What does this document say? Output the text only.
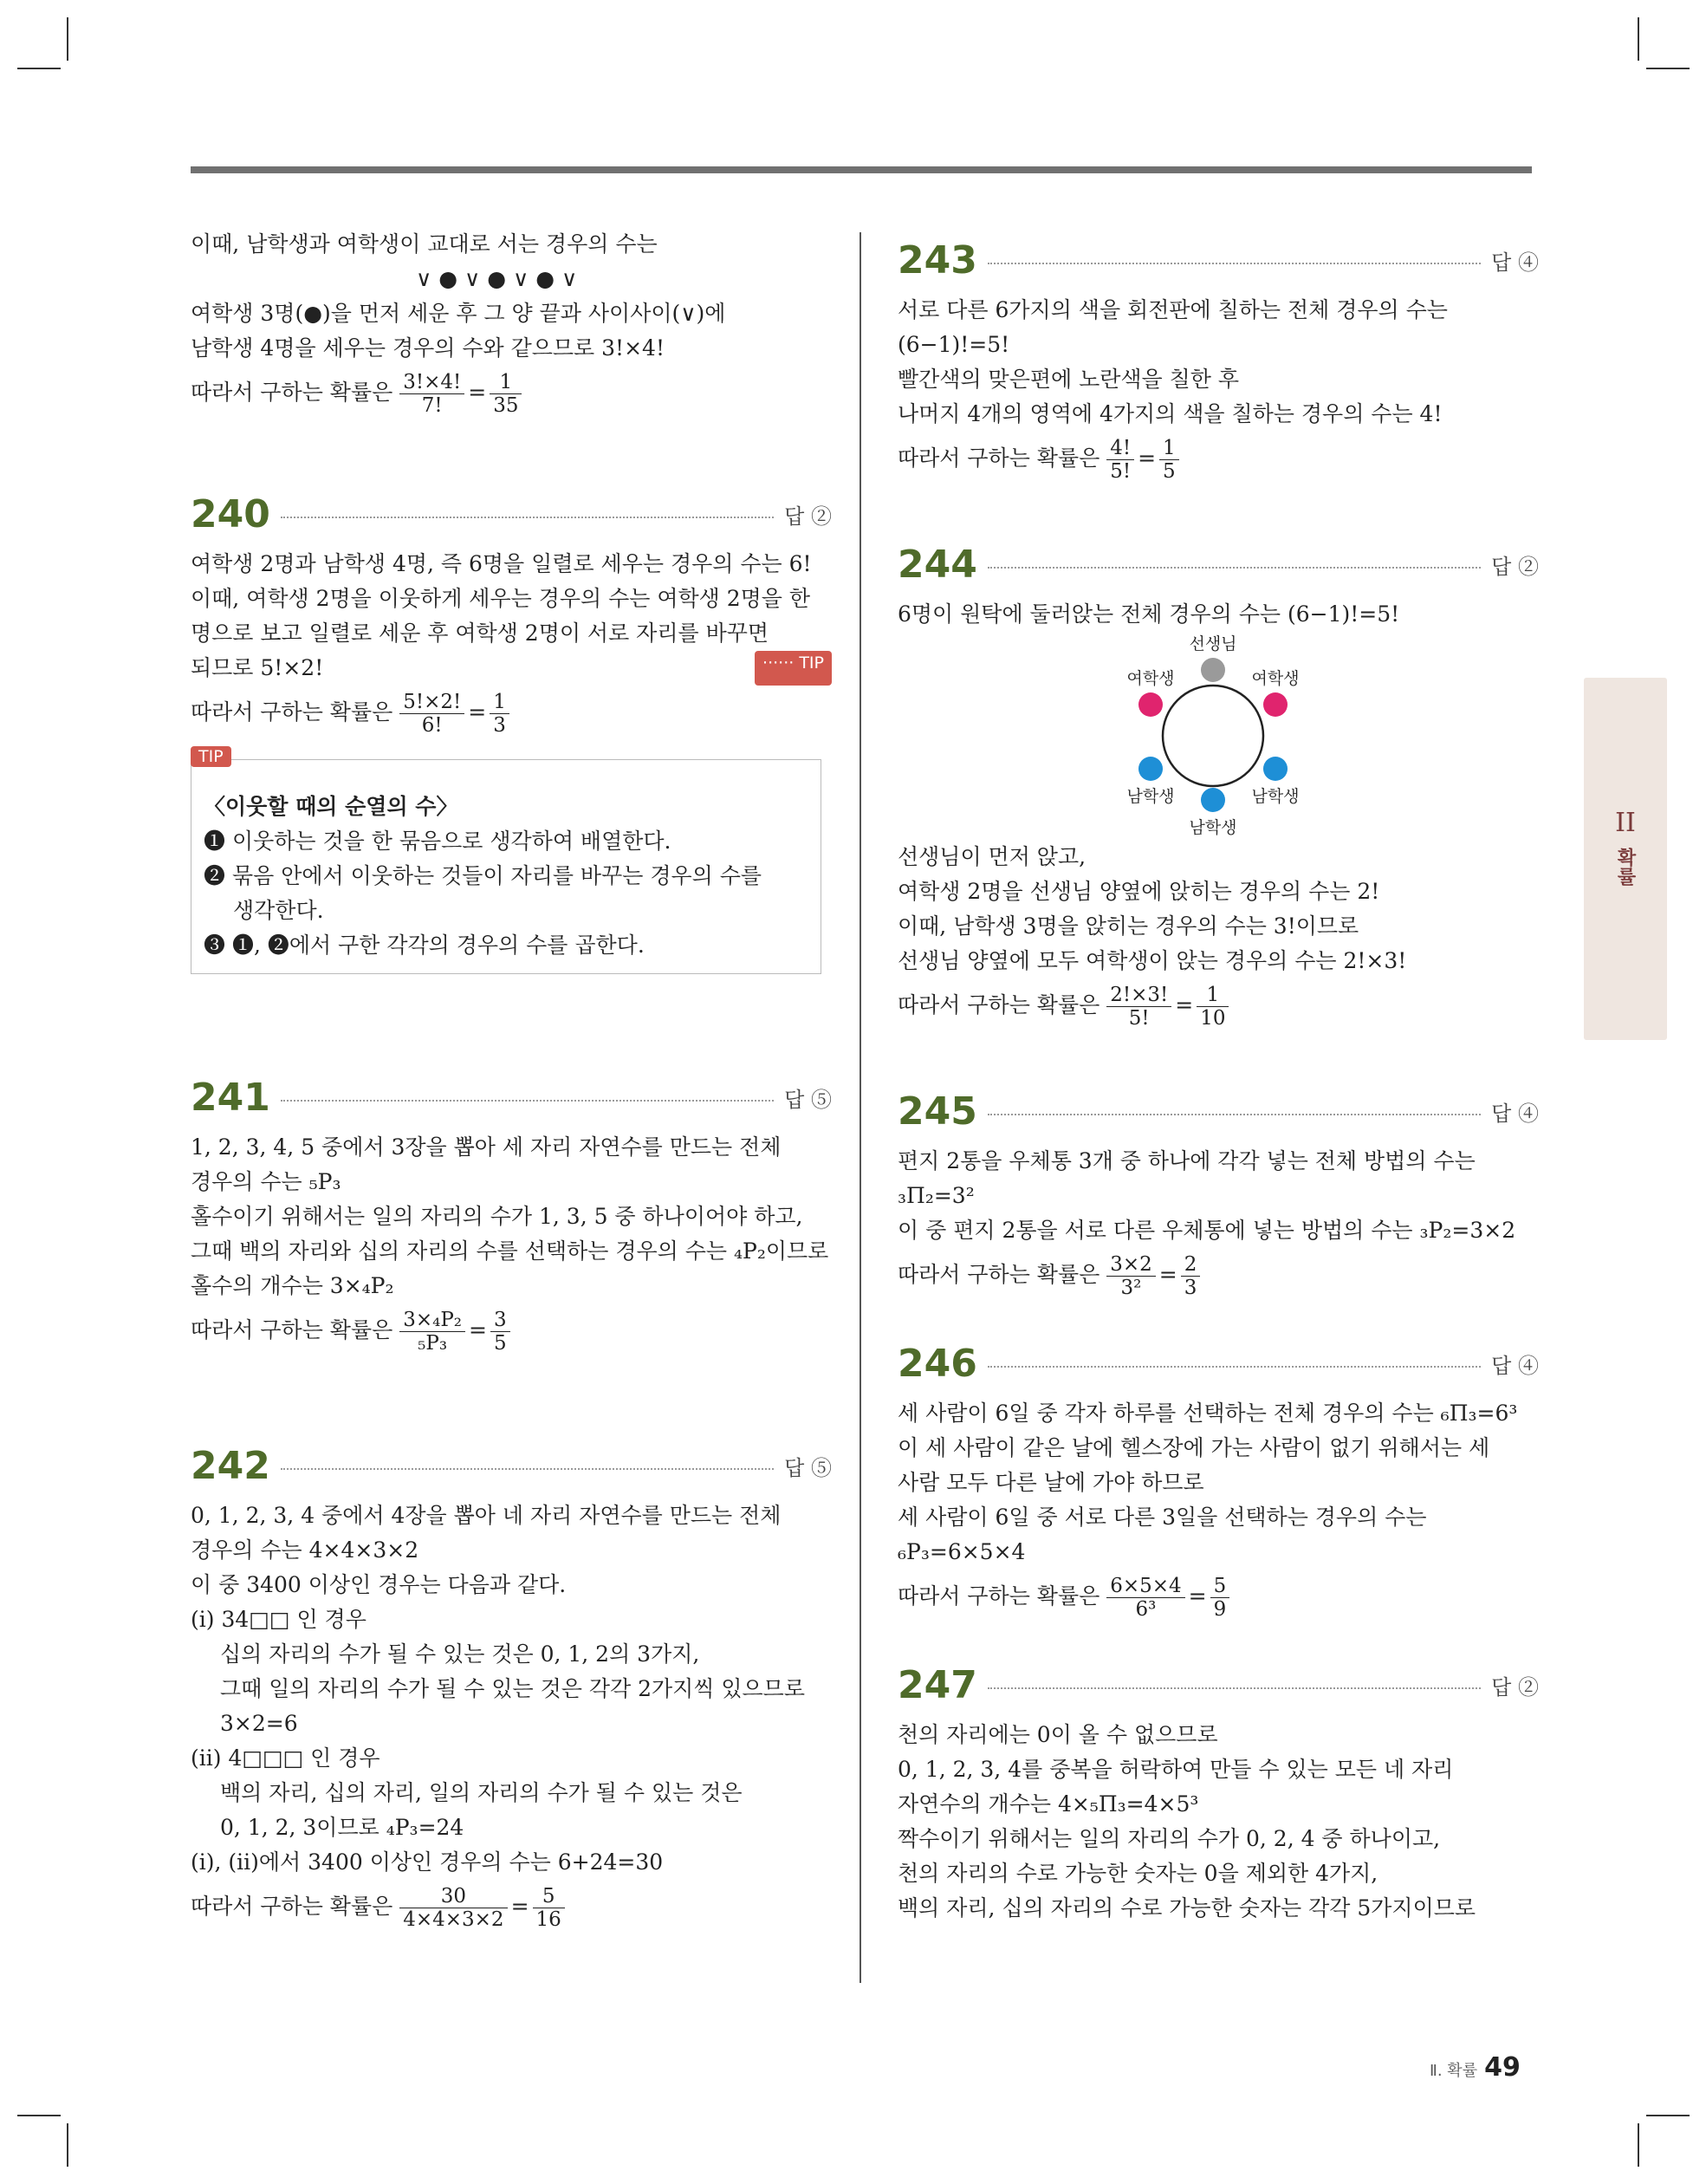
이때, 남학생과 여학생이 교대로 서는 경우의 수는
∨ ● ∨ ● ∨ ● ∨
여학생 3명(●)을 먼저 세운 후 그 양 끝과 사이사이(∨)에
남학생 4명을 세우는 경우의 수와 같으므로 3!×4!
따라서 구하는 확률은 $\frac{3!\times 4!}{7!} = \frac{1}{35}$
240	답 ②
여학생 2명과 남학생 4명, 즉 6명을 일렬로 세우는 경우의 수는 6!
이때, 여학생 2명을 이웃하게 세우는 경우의 수는 여학생 2명을 한
명으로 보고 일렬로 세운 후 여학생 2명이 서로 자리를 바꾸면
되므로 5!×2!	······ TIP
따라서 구하는 확률은 $\frac{5!\times 2!}{6!} = \frac{1}{3}$
TIP
〈이웃할 때의 순열의 수〉
❶ 이웃하는 것을 한 묶음으로 생각하여 배열한다.
❷ 묶음 안에서 이웃하는 것들이 자리를 바꾸는 경우의 수를
생각한다.
❸ ❶, ❷에서 구한 각각의 경우의 수를 곱한다.
241	답 ⑤
1, 2, 3, 4, 5 중에서 3장을 뽑아 세 자리 자연수를 만드는 전체
경우의 수는 ₅P₃
홀수이기 위해서는 일의 자리의 수가 1, 3, 5 중 하나이어야 하고,
그때 백의 자리와 십의 자리의 수를 선택하는 경우의 수는 ₄P₂이므로
홀수의 개수는 3×₄P₂
따라서 구하는 확률은 $\frac{\text{3×₄P₂}}{\text{₅P₃}} = \frac{3}{5}$
242	답 ⑤
0, 1, 2, 3, 4 중에서 4장을 뽑아 네 자리 자연수를 만드는 전체
경우의 수는 4×4×3×2
이 중 3400 이상인 경우는 다음과 같다.
(i) 34□□ 인 경우
십의 자리의 수가 될 수 있는 것은 0, 1, 2의 3가지,
그때 일의 자리의 수가 될 수 있는 것은 각각 2가지씩 있으므로
3×2=6
(ii) 4□□□ 인 경우
백의 자리, 십의 자리, 일의 자리의 수가 될 수 있는 것은
0, 1, 2, 3이므로 ₄P₃=24
(i), (ii)에서 3400 이상인 경우의 수는 6+24=30
따라서 구하는 확률은 $\frac{30}{4\times 4\times 3\times 2} = \frac{5}{16}$
243	답 ④
서로 다른 6가지의 색을 회전판에 칠하는 전체 경우의 수는
(6−1)!=5!
빨간색의 맞은편에 노란색을 칠한 후
나머지 4개의 영역에 4가지의 색을 칠하는 경우의 수는 4!
따라서 구하는 확률은 $\frac{4!}{5!} = \frac{1}{5}$
244	답 ②
6명이 원탁에 둘러앉는 전체 경우의 수는 (6−1)!=5!
선생님
여학생	여학생
남학생	남학생
남학생
선생님이 먼저 앉고,
여학생 2명을 선생님 양옆에 앉히는 경우의 수는 2!
이때, 남학생 3명을 앉히는 경우의 수는 3!이므로
선생님 양옆에 모두 여학생이 앉는 경우의 수는 2!×3!
따라서 구하는 확률은 $\frac{2!\times 3!}{5!} = \frac{1}{10}$
245	답 ④
편지 2통을 우체통 3개 중 하나에 각각 넣는 전체 방법의 수는
₃Π₂=3²
이 중 편지 2통을 서로 다른 우체통에 넣는 방법의 수는 ₃P₂=3×2
따라서 구하는 확률은 $\frac{3\times 2}{\text{3²}} = \frac{2}{3}$
246	답 ④
세 사람이 6일 중 각자 하루를 선택하는 전체 경우의 수는 ₆Π₃=6³
이 세 사람이 같은 날에 헬스장에 가는 사람이 없기 위해서는 세
사람 모두 다른 날에 가야 하므로
세 사람이 6일 중 서로 다른 3일을 선택하는 경우의 수는
₆P₃=6×5×4
따라서 구하는 확률은 $\frac{6\times 5\times 4}{\text{6³}} = \frac{5}{9}$
247	답 ②
천의 자리에는 0이 올 수 없으므로
0, 1, 2, 3, 4를 중복을 허락하여 만들 수 있는 모든 네 자리
자연수의 개수는 4×₅Π₃=4×5³
짝수이기 위해서는 일의 자리의 수가 0, 2, 4 중 하나이고,
천의 자리의 수로 가능한 숫자는 0을 제외한 4가지,
백의 자리, 십의 자리의 수로 가능한 숫자는 각각 5가지이므로
II
확률
Ⅱ. 확률 49
